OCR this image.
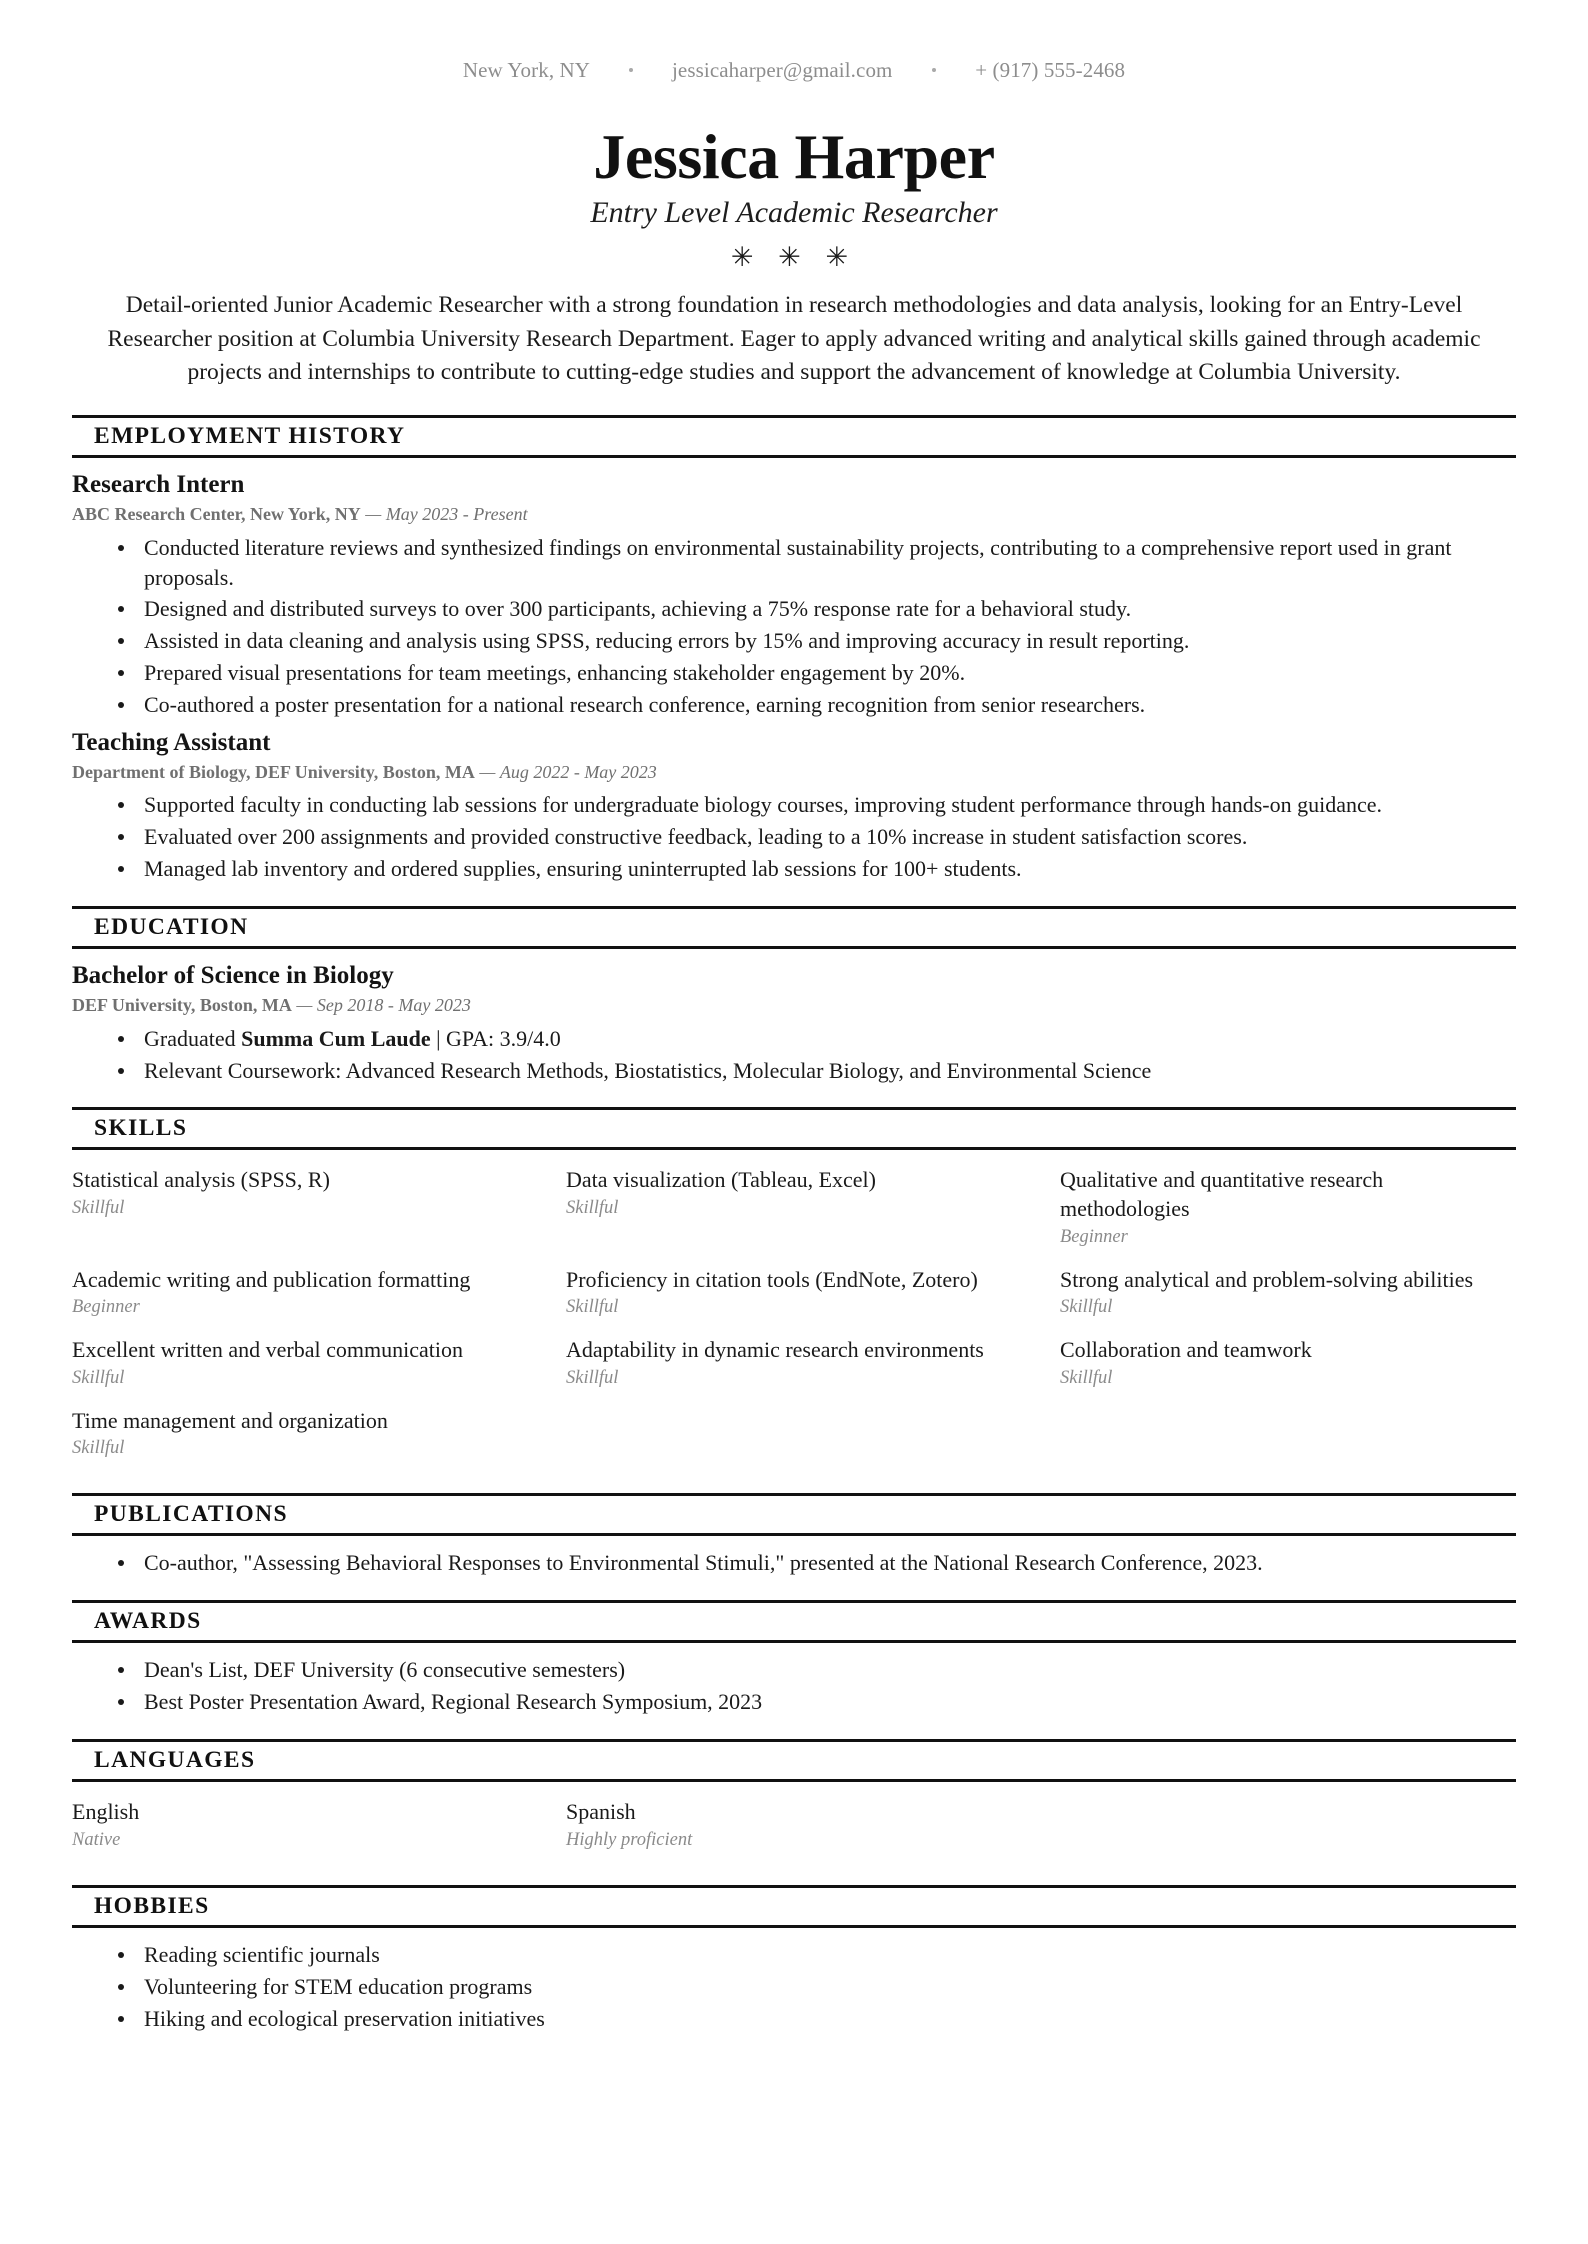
New York, NY	jessicaharper@gmail.com	+ (917) 555-2468
Jessica Harper
Entry Level Academic Researcher
✳ ✳ ✳

Detail-oriented Junior Academic Researcher with a strong foundation in research methodologies and data analysis, looking for an Entry-Level Researcher position at Columbia University Research Department. Eager to apply advanced writing and analytical skills gained through academic projects and internships to contribute to cutting-edge studies and support the advancement of knowledge at Columbia University.

EMPLOYMENT HISTORY
Research Intern
ABC Research Center, New York, NY — May 2023 - Present
Conducted literature reviews and synthesized findings on environmental sustainability projects, contributing to a comprehensive report used in grant proposals.
Designed and distributed surveys to over 300 participants, achieving a 75% response rate for a behavioral study.
Assisted in data cleaning and analysis using SPSS, reducing errors by 15% and improving accuracy in result reporting.
Prepared visual presentations for team meetings, enhancing stakeholder engagement by 20%.
Co-authored a poster presentation for a national research conference, earning recognition from senior researchers.
Teaching Assistant
Department of Biology, DEF University, Boston, MA — Aug 2022 - May 2023
Supported faculty in conducting lab sessions for undergraduate biology courses, improving student performance through hands-on guidance.
Evaluated over 200 assignments and provided constructive feedback, leading to a 10% increase in student satisfaction scores.
Managed lab inventory and ordered supplies, ensuring uninterrupted lab sessions for 100+ students.
EDUCATION
Bachelor of Science in Biology
DEF University, Boston, MA — Sep 2018 - May 2023
Graduated Summa Cum Laude | GPA: 3.9/4.0
Relevant Coursework: Advanced Research Methods, Biostatistics, Molecular Biology, and Environmental Science
SKILLS
Statistical analysis (SPSS, R)
Skillful
Data visualization (Tableau, Excel)
Skillful
Qualitative and quantitative research methodologies
Beginner
Academic writing and publication formatting
Beginner
Proficiency in citation tools (EndNote, Zotero)
Skillful
Strong analytical and problem-solving abilities
Skillful
Excellent written and verbal communication
Skillful
Adaptability in dynamic research environments
Skillful
Collaboration and teamwork
Skillful
Time management and organization
Skillful
PUBLICATIONS
Co-author, "Assessing Behavioral Responses to Environmental Stimuli," presented at the National Research Conference, 2023.
AWARDS
Dean's List, DEF University (6 consecutive semesters)
Best Poster Presentation Award, Regional Research Symposium, 2023
LANGUAGES
English
Native
Spanish
Highly proficient
HOBBIES
Reading scientific journals
Volunteering for STEM education programs
Hiking and ecological preservation initiatives
